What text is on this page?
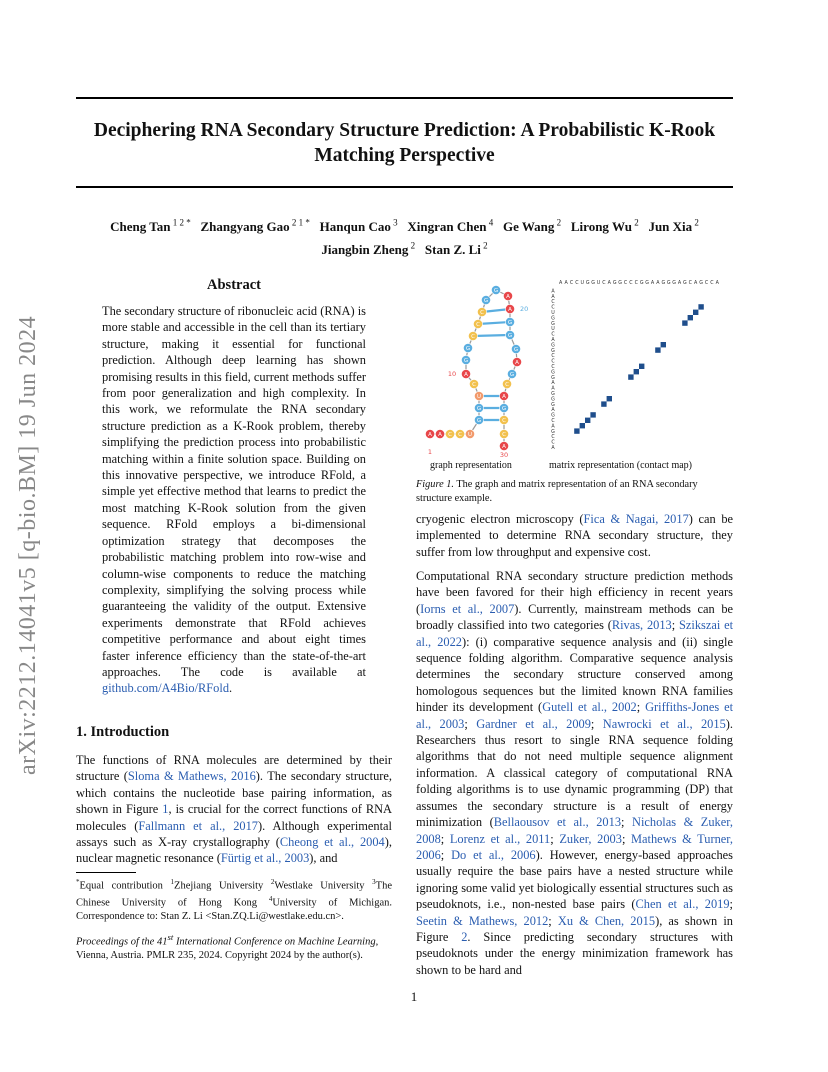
arXiv:2212.14041v5 [q-bio.BM] 19 Jun 2024
Deciphering RNA Secondary Structure Prediction: A Probabilistic K-Rook Matching Perspective
Cheng Tan $^{1 2 *}$ Zhangyang Gao $^{2 1 *}$ Hanqun Cao $^3$ Xingran Chen $^4$ Ge Wang $^2$ Lirong Wu $^2$ Jun Xia $^2$
Jiangbin Zheng $^2$ Stan Z. Li $^2$
Abstract
The secondary structure of ribonucleic acid (RNA) is more stable and accessible in the cell than its tertiary structure, making it essential for functional prediction. Although deep learning has shown promising results in this field, current methods suffer from poor generalization and high complexity. In this work, we reformulate the RNA secondary structure prediction as a K-Rook problem, thereby simplifying the prediction process into probabilistic matching within a finite solution space. Building on this innovative perspective, we introduce RFold, a simple yet effective method that learns to predict the most matching K-Rook solution from the given sequence. RFold employs a bi-dimensional optimization strategy that decomposes the probabilistic matching problem into row-wise and column-wise components to reduce the matching complexity, simplifying the solving process while guaranteeing the validity of the output. Extensive experiments demonstrate that RFold achieves competitive performance and about eight times faster inference efficiency than the state-of-the-art approaches. The code is available at github.com/A4Bio/RFold.
1. Introduction
The functions of RNA molecules are determined by their structure (Sloma & Mathews, 2016). The secondary structure, which contains the nucleotide base pairing information, as shown in Figure 1, is crucial for the correct functions of RNA molecules (Fallmann et al., 2017). Although experimental assays such as X-ray crystallography (Cheong et al., 2004), nuclear magnetic resonance (Fürtig et al., 2003), and
*Equal contribution $^1$Zhejiang University $^2$Westlake University $^3$The Chinese University of Hong Kong $^4$University of Michigan. Correspondence to: Stan Z. Li <Stan.ZQ.Li@westlake.edu.cn>.
Proceedings of the 41st International Conference on Machine Learning, Vienna, Austria. PMLR 235, 2024. Copyright 2024 by the author(s).
A A C C U
G
G
U
C
A
G
G
C
C
C
G
G
A
A
G
G
G
A
G
C
A
G
C
C
A
1
10
20
30
A
A
A
A
C
C
C
C
U
U
G
G
G
G
U
U
C
C
A
A
G
G
G
G
C
C
C
C
C
C
G
G
G
G
A
A
A
A
G
G
G
G
G
G
A
A
G
G
C
C
A
A
G
G
C
C
C
C
A
A
graph representation	matrix representation (contact map)
Figure 1. The graph and matrix representation of an RNA secondary structure example.
cryogenic electron microscopy (Fica & Nagai, 2017) can be implemented to determine RNA secondary structure, they suffer from low throughput and expensive cost.
Computational RNA secondary structure prediction methods have been favored for their high efficiency in recent years (Iorns et al., 2007). Currently, mainstream methods can be broadly classified into two categories (Rivas, 2013; Szikszai et al., 2022): (i) comparative sequence analysis and (ii) single sequence folding algorithm. Comparative sequence analysis determines the secondary structure conserved among homologous sequences but the limited known RNA families hinder its development (Gutell et al., 2002; Griffiths-Jones et al., 2003; Gardner et al., 2009; Nawrocki et al., 2015). Researchers thus resort to single RNA sequence folding algorithms that do not need multiple sequence alignment information. A classical category of computational RNA folding algorithms is to use dynamic programming (DP) that assumes the secondary structure is a result of energy minimization (Bellaousov et al., 2013; Nicholas & Zuker, 2008; Lorenz et al., 2011; Zuker, 2003; Mathews & Turner, 2006; Do et al., 2006). However, energy-based approaches usually require the base pairs have a nested structure while ignoring some valid yet biologically essential structures such as pseudoknots, i.e., non-nested base pairs (Chen et al., 2019; Seetin & Mathews, 2012; Xu & Chen, 2015), as shown in Figure 2. Since predicting secondary structures with pseudoknots under the energy minimization framework has shown to be hard and
1
